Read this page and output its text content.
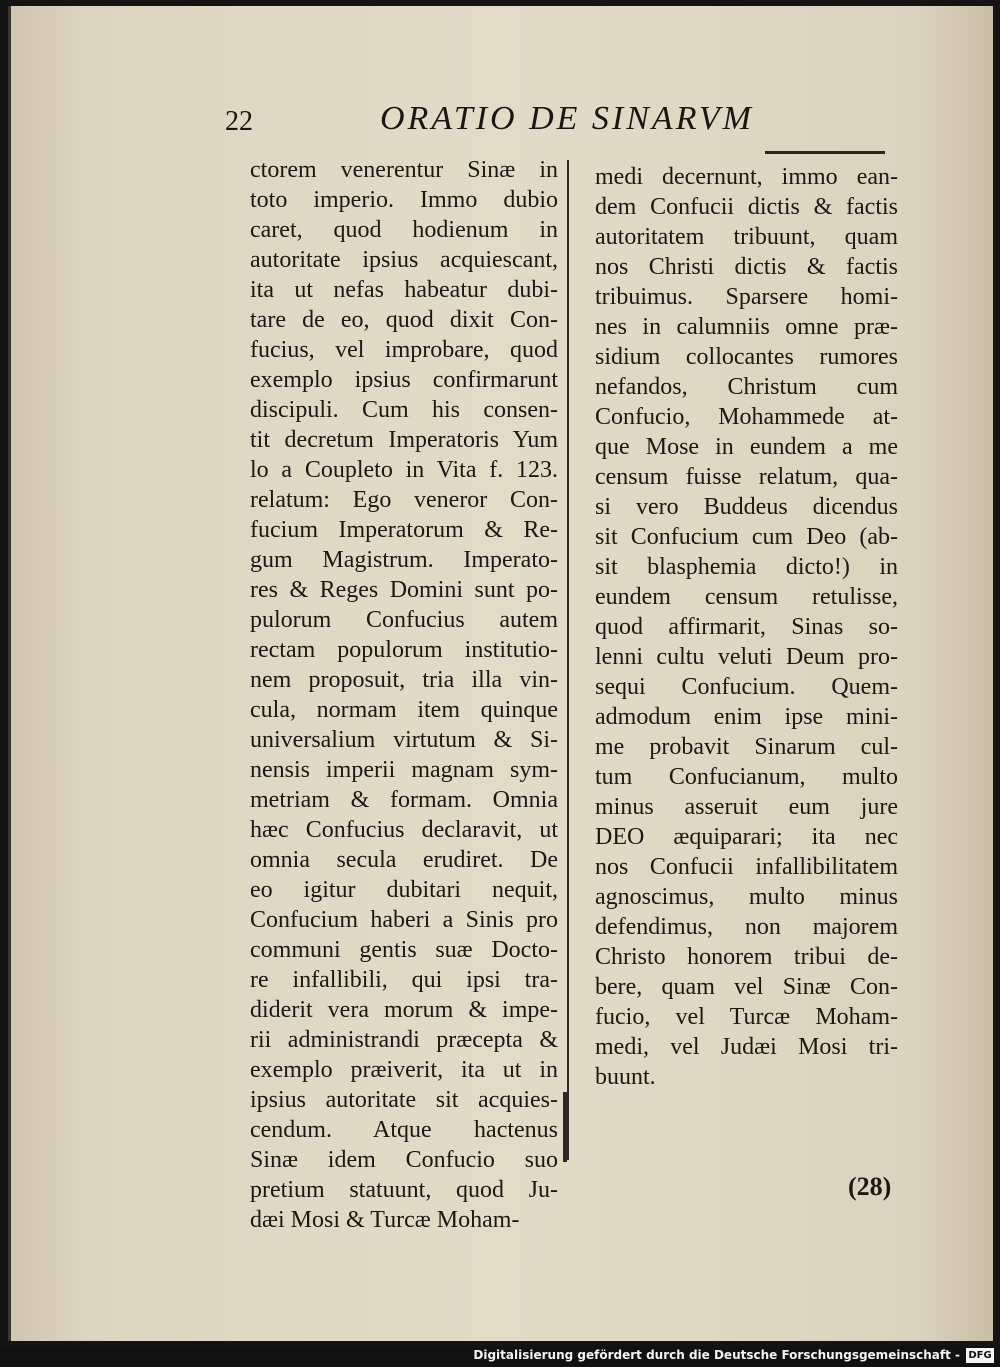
22	ORATIO DE SINARVM
ctorem venerentur Sinæ in
toto imperio. Immo dubio
caret, quod hodienum in
autoritate ipsius acquiescant,
ita ut nefas habeatur dubi-
tare de eo, quod dixit Con-
fucius, vel improbare, quod
exemplo ipsius confirmarunt
discipuli. Cum his consen-
tit decretum Imperatoris Yum
lo a Coupleto in Vita f. 123.
relatum: Ego veneror Con-
fucium Imperatorum & Re-
gum Magistrum. Imperato-
res & Reges Domini sunt po-
pulorum Confucius autem
rectam populorum institutio-
nem proposuit, tria illa vin-
cula, normam item quinque
universalium virtutum & Si-
nensis imperii magnam sym-
metriam & formam. Omnia
hæc Confucius declaravit, ut
omnia secula erudiret. De
eo igitur dubitari nequit,
Confucium haberi a Sinis pro
communi gentis suæ Docto-
re infallibili, qui ipsi tra-
diderit vera morum & impe-
rii administrandi præcepta &
exemplo præiverit, ita ut in
ipsius autoritate sit acquies-
cendum. Atque hactenus
Sinæ idem Confucio suo
pretium statuunt, quod Ju-
dæi Mosi & Turcæ Moham-
medi decernunt, immo ean-
dem Confucii dictis & factis
autoritatem tribuunt, quam
nos Christi dictis & factis
tribuimus. Sparsere homi-
nes in calumniis omne præ-
sidium collocantes rumores
nefandos, Christum cum
Confucio, Mohammede at-
que Mose in eundem a me
censum fuisse relatum, qua-
si vero Buddeus dicendus
sit Confucium cum Deo (ab-
sit blasphemia dicto!) in
eundem censum retulisse,
quod affirmarit, Sinas so-
lenni cultu veluti Deum pro-
sequi Confucium. Quem-
admodum enim ipse mini-
me probavit Sinarum cul-
tum Confucianum, multo
minus asseruit eum jure
DEO æquiparari; ita nec
nos Confucii infallibilitatem
agnoscimus, multo minus
defendimus, non majorem
Christo honorem tribui de-
bere, quam vel Sinæ Con-
fucio, vel Turcæ Moham-
medi, vel Judæi Mosi tri-
buunt.
(28)
Digitalisierung gefördert durch die Deutsche Forschungsgemeinschaft - DFG
